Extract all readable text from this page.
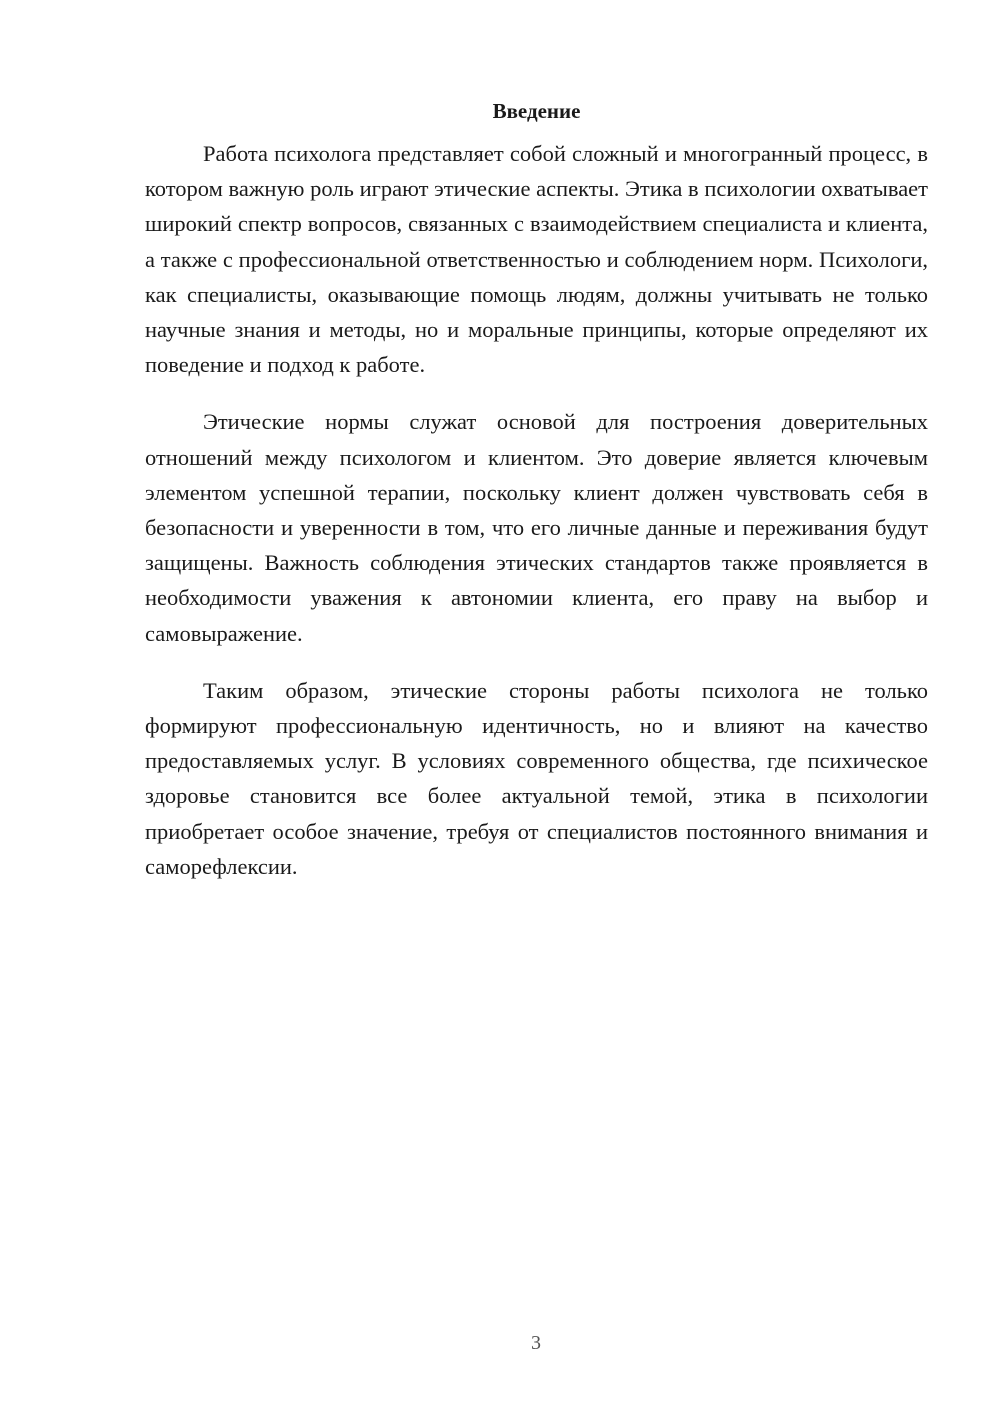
Введение

Работа психолога представляет собой сложный и многогранный процесс, в котором важную роль играют этические аспекты. Этика в психологии охватывает широкий спектр вопросов, связанных с взаимодействием специалиста и клиента, а также с профессиональной ответственностью и соблюдением норм. Психологи, как специалисты, оказывающие помощь людям, должны учитывать не только научные знания и методы, но и моральные принципы, которые определяют их поведение и подход к работе.

Этические нормы служат основой для построения доверительных отношений между психологом и клиентом. Это доверие является ключевым элементом успешной терапии, поскольку клиент должен чувствовать себя в безопасности и уверенности в том, что его личные данные и переживания будут защищены. Важность соблюдения этических стандартов также проявляется в необходимости уважения к автономии клиента, его праву на выбор и самовыражение.

Таким образом, этические стороны работы психолога не только формируют профессиональную идентичность, но и влияют на качество предоставляемых услуг. В условиях современного общества, где психическое здоровье становится все более актуальной темой, этика в психологии приобретает особое значение, требуя от специалистов постоянного внимания и саморефлексии.

3
